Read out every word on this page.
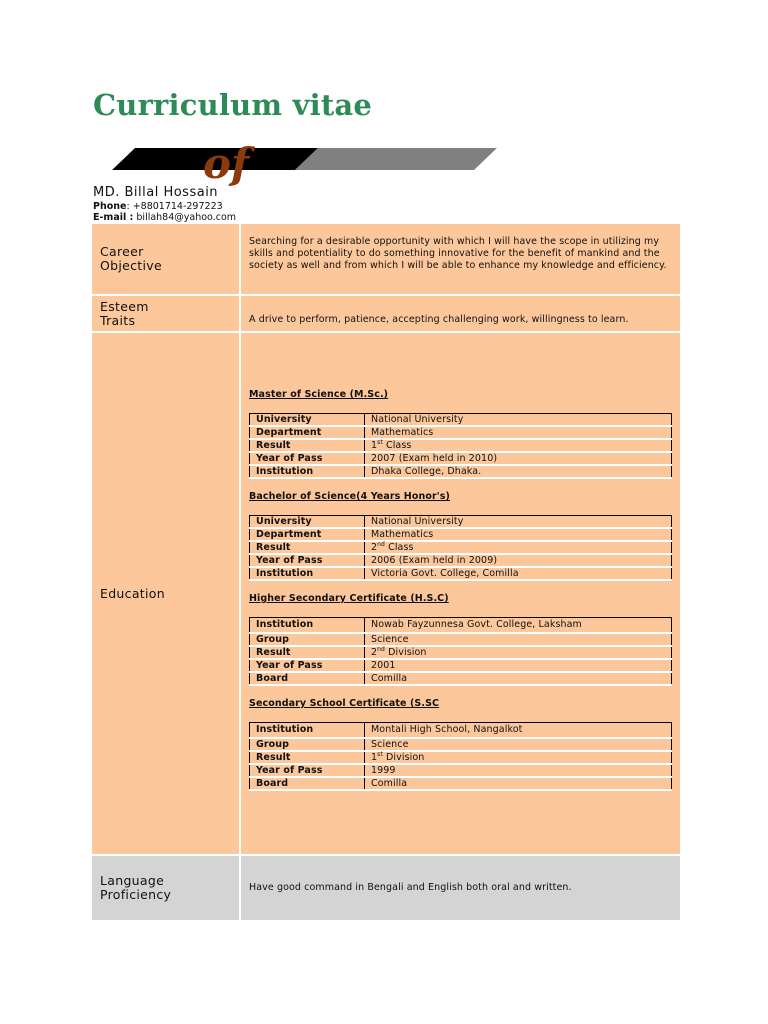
Curriculum vitae
of
MD. Billal Hossain
Phone: +8801714-297223
E-mail : billah84@yahoo.com
Career
Objective
	Searching for a desirable opportunity with which I will have the scope in utilizing my skills and potentiality to do something innovative for the benefit of mankind and the society as well and from which I will be able to enhance my knowledge and efficiency.

Esteem
Traits	A drive to perform, patience, accepting challenging work, willingness to learn.
Education	
Master of Science (M.Sc.)
University	National University
Department	Mathematics
Result	1st Class
Year of Pass	2007 (Exam held in 2010)
Institution	Dhaka College, Dhaka.
Bachelor of Science(4 Years Honor's)
University	National University
Department	Mathematics
Result	2nd Class
Year of Pass	2006 (Exam held in 2009)
Institution	Victoria Govt. College, Comilla
Higher Secondary Certificate (H.S.C)
Institution	Nowab Fayzunnesa Govt. College, Laksham
Group	Science
Result	2nd Division
Year of Pass	2001
Board	Comilla
Secondary School Certificate (S.SC
Institution	Montali High School, Nangalkot
Group	Science
Result	1st Division
Year of Pass	1999
Board	Comilla

Language
Proficiency	Have good command in Bengali and English both oral and written.
